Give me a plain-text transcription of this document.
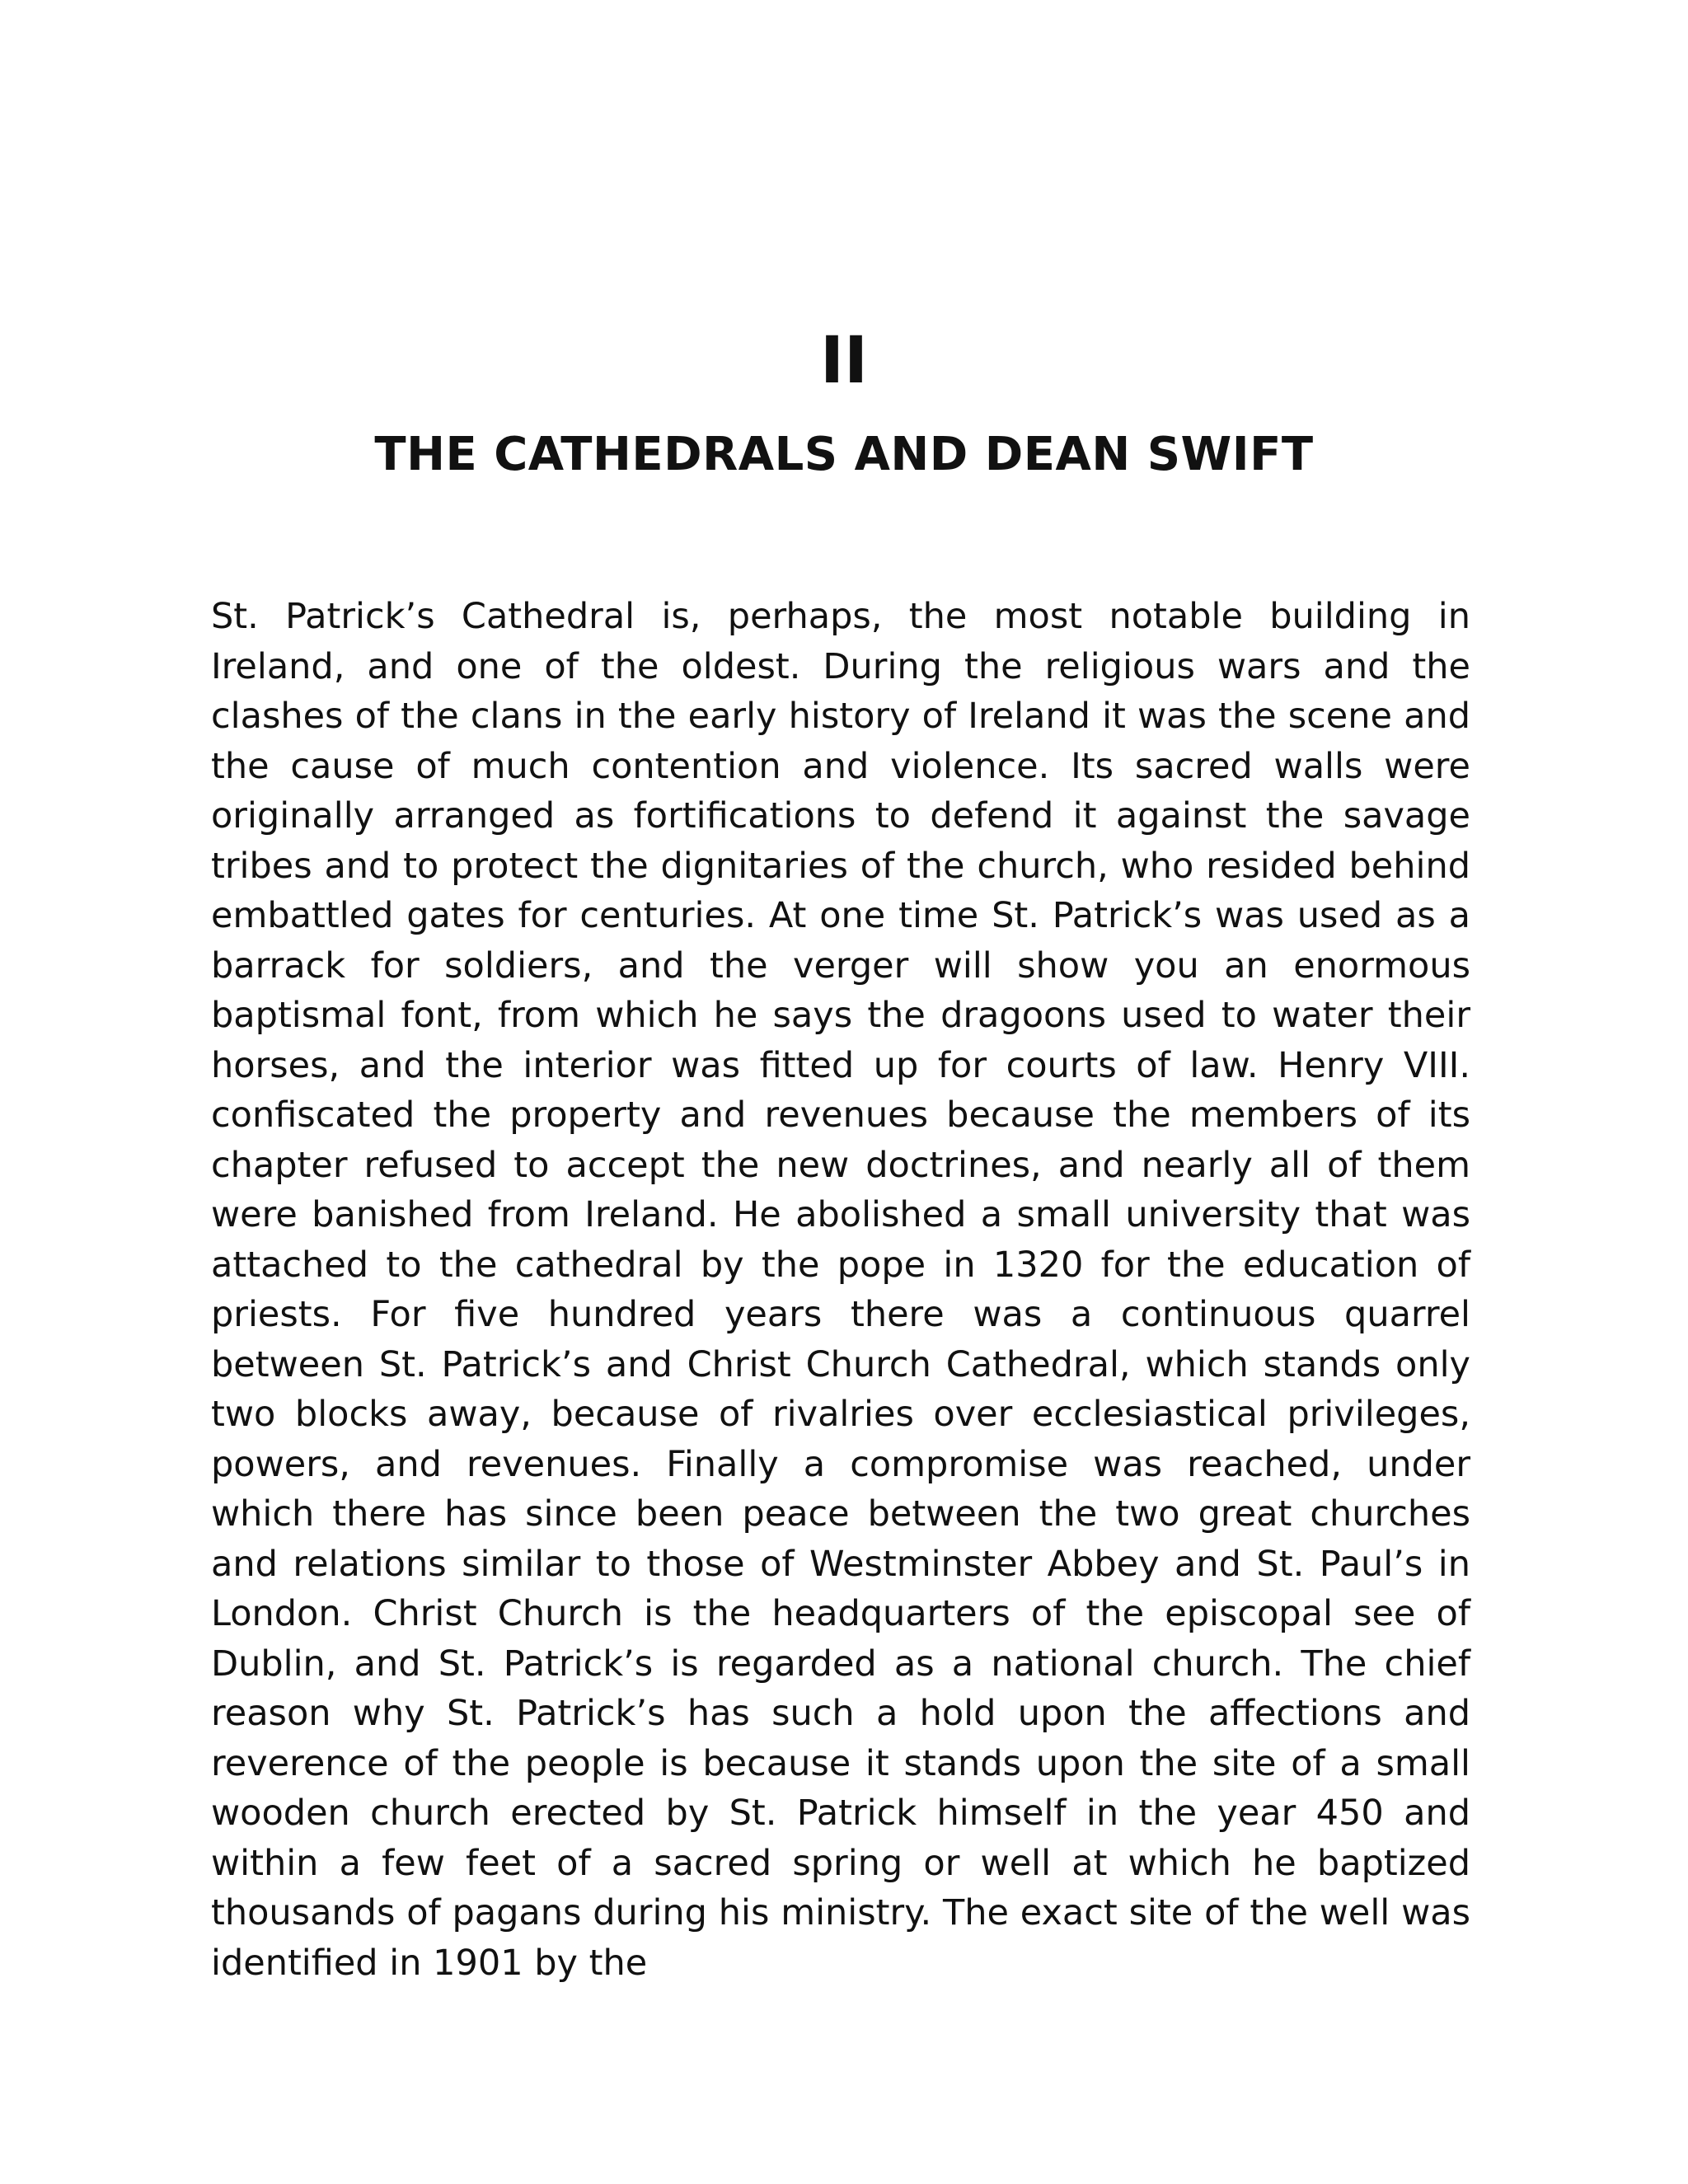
II
THE CATHEDRALS AND DEAN SWIFT

St. Patrick’s Cathedral is, perhaps, the most notable building in Ireland, and one of the oldest. During the religious wars and the clashes of the clans in the early history of Ireland it was the scene and the cause of much contention and violence. Its sacred walls were originally arranged as fortifications to defend it against the savage tribes and to protect the dignitaries of the church, who resided behind embattled gates for centuries. At one time St. Patrick’s was used as a barrack for soldiers, and the verger will show you an enormous baptismal font, from which he says the dragoons used to water their horses, and the interior was fitted up for courts of law. Henry VIII. confiscated the property and revenues because the members of its chapter refused to accept the new doctrines, and nearly all of them were banished from Ireland. He abolished a small university that was attached to the cathedral by the pope in 1320 for the education of priests. For five hundred years there was a continuous quarrel between St. Patrick’s and Christ Church Cathedral, which stands only two blocks away, because of rivalries over ecclesiastical privileges, powers, and revenues. Finally a compromise was reached, under which there has since been peace between the two great churches and relations similar to those of Westminster Abbey and St. Paul’s in London. Christ Church is the headquarters of the episcopal see of Dublin, and St. Patrick’s is regarded as a national church. The chief reason why St. Patrick’s has such a hold upon the affections and reverence of the people is because it stands upon the site of a small wooden church erected by St. Patrick himself in the year 450 and within a few feet of a sacred spring or well at which he baptized thousands of pagans during his ministry. The exact site of the well was identified in 1901 by the
